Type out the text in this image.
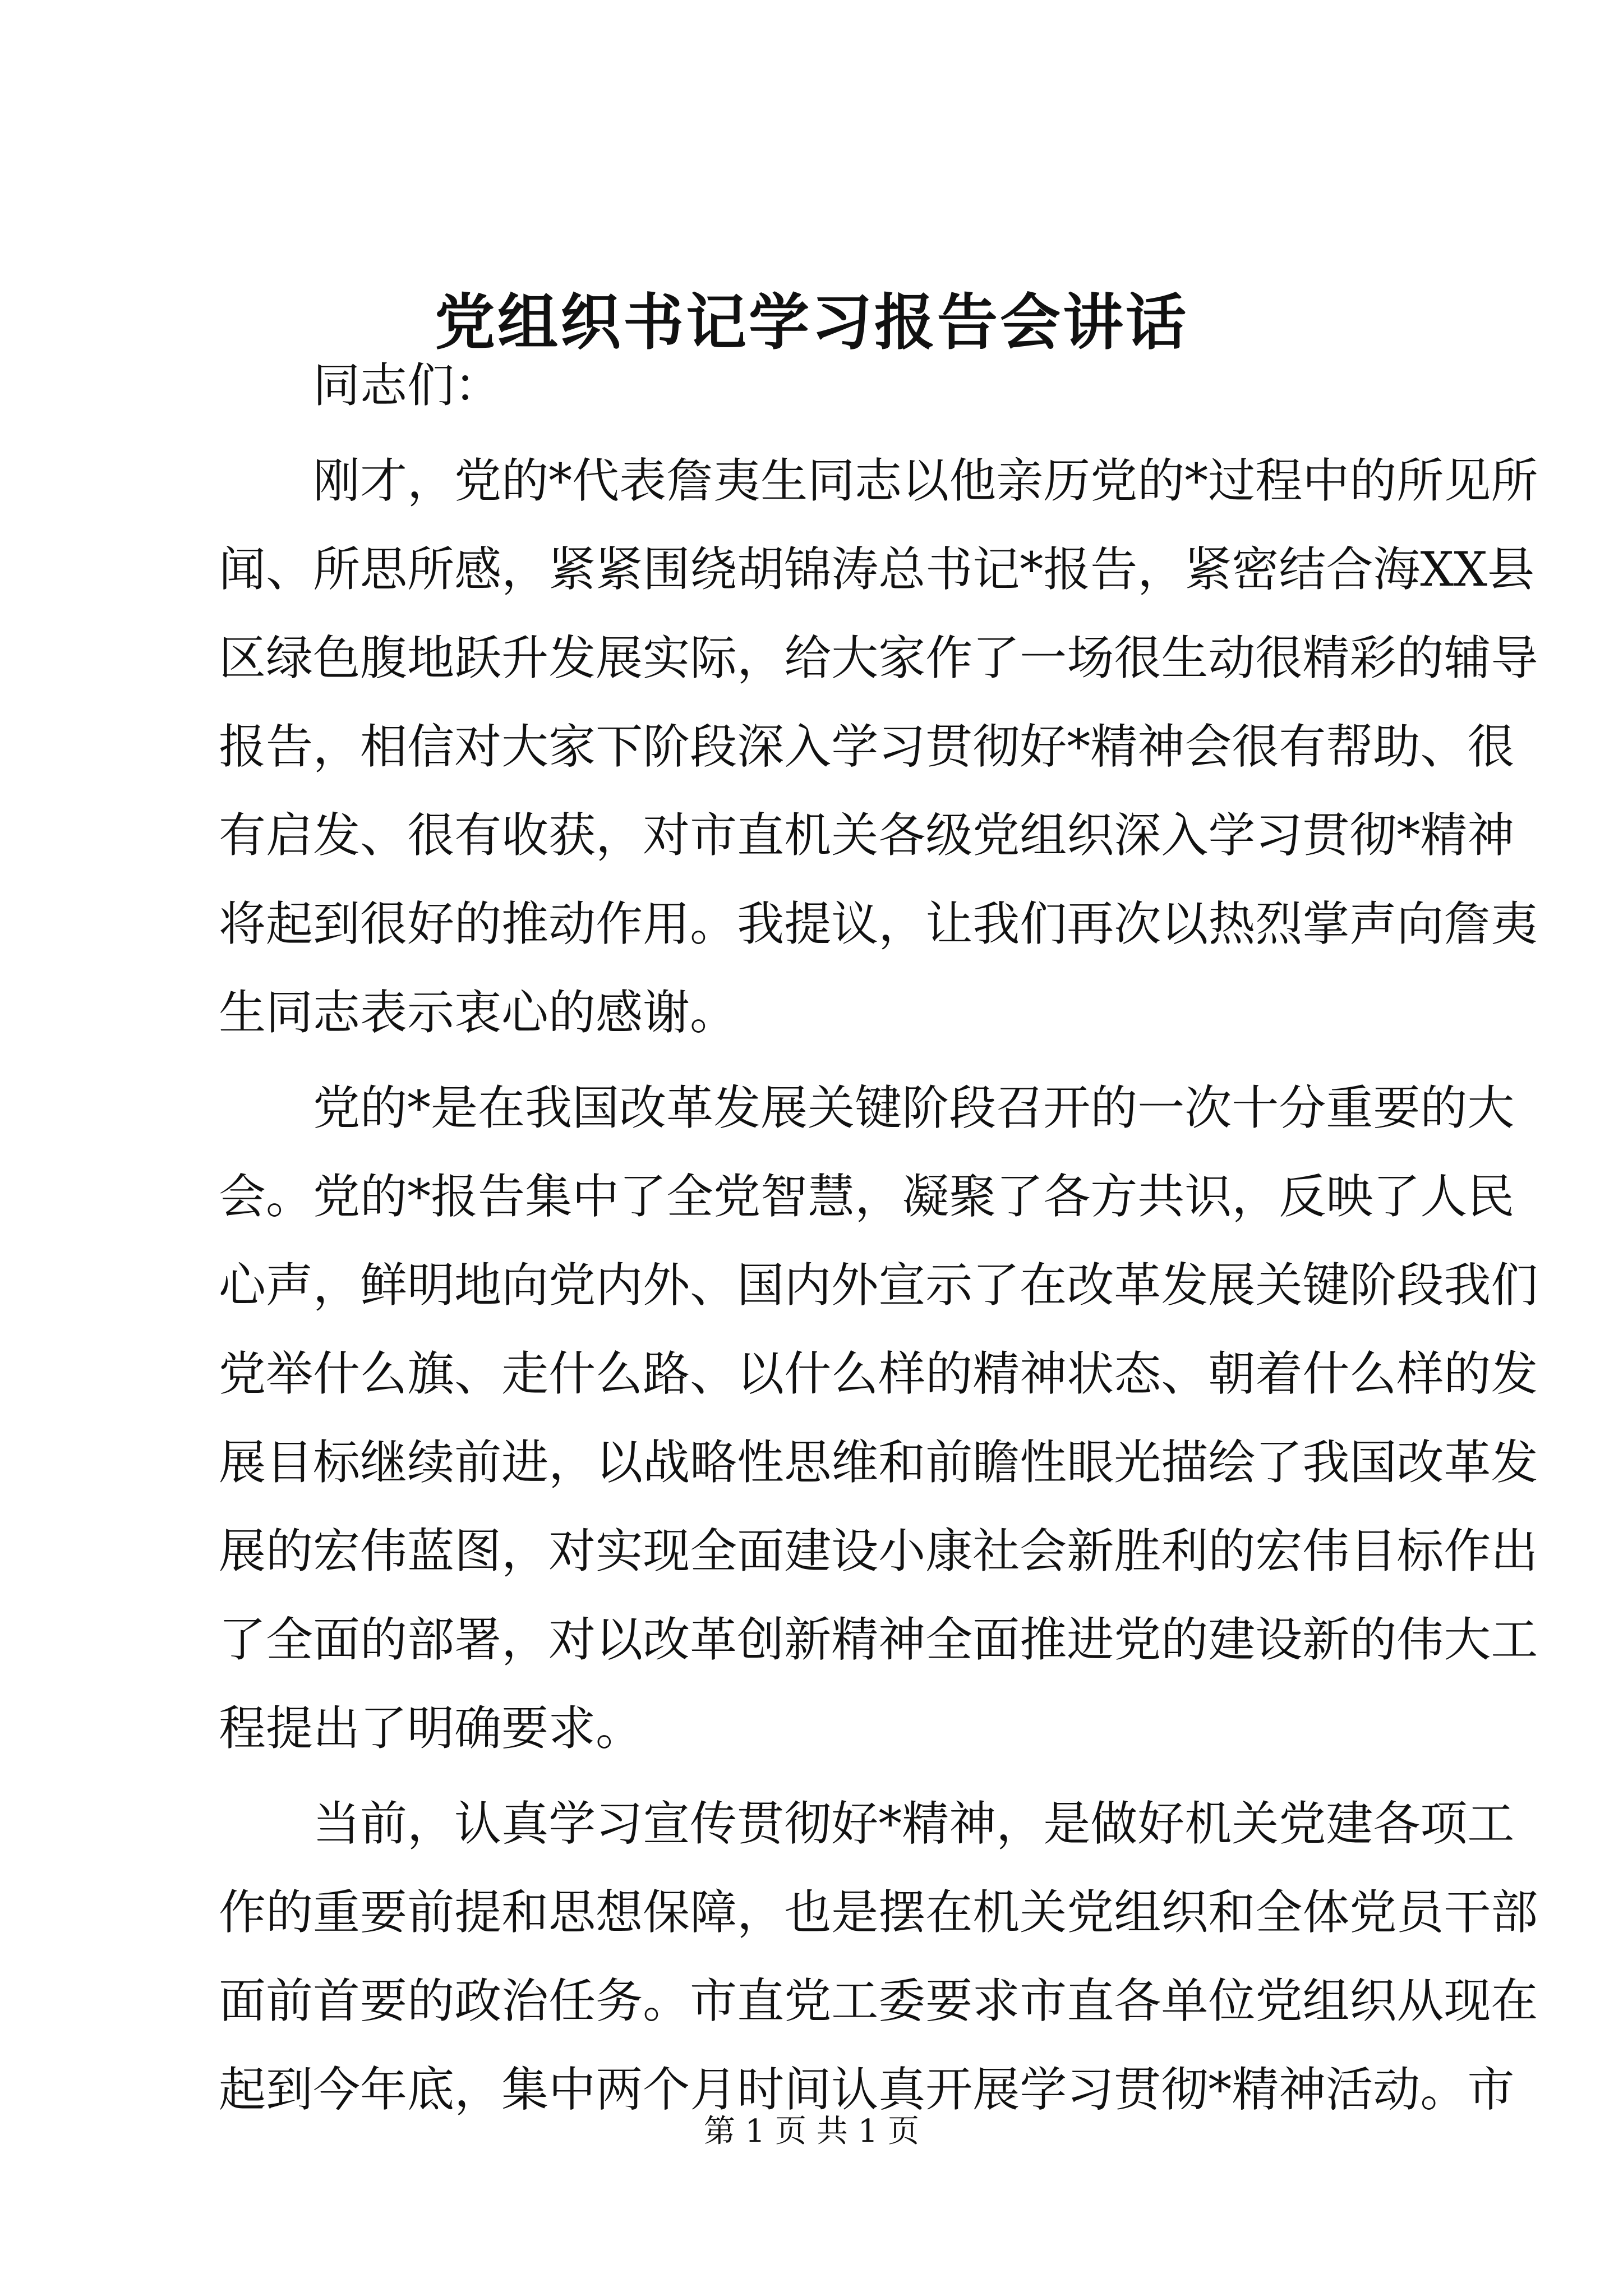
党组织书记学习报告会讲话
同志们：
刚 才 ， 党 的 * 代 表 詹 夷 生 同 志 以 他 亲 历 党 的 * 过 程 中 的 所 见 所
闻 、 所 思 所 感 ， 紧 紧 围 绕 胡 锦 涛 总 书 记 * 报 告 ， 紧 密 结 合 海 X X 县
区 绿 色 腹 地 跃 升 发 展 实 际 ， 给 大 家 作 了 一 场 很 生 动 很 精 彩 的 辅 导
报 告 ， 相 信 对 大 家 下 阶 段 深 入 学 习 贯 彻 好 * 精 神 会 很 有 帮 助 、 很
有 启 发 、 很 有 收 获 ， 对 市 直 机 关 各 级 党 组 织 深 入 学 习 贯 彻 * 精 神
将 起 到 很 好 的 推 动 作 用 。 我 提 议 ， 让 我 们 再 次 以 热 烈 掌 声 向 詹 夷
生同志表示衷心的感谢。
党 的 * 是 在 我 国 改 革 发 展 关 键 阶 段 召 开 的 一 次 十 分 重 要 的 大
会 。 党 的 * 报 告 集 中 了 全 党 智 慧 ， 凝 聚 了 各 方 共 识 ， 反 映 了 人 民
心 声 ， 鲜 明 地 向 党 内 外 、 国 内 外 宣 示 了 在 改 革 发 展 关 键 阶 段 我 们
党 举 什 么 旗 、 走 什 么 路 、 以 什 么 样 的 精 神 状 态 、 朝 着 什 么 样 的 发
展 目 标 继 续 前 进 ， 以 战 略 性 思 维 和 前 瞻 性 眼 光 描 绘 了 我 国 改 革 发
展 的 宏 伟 蓝 图 ， 对 实 现 全 面 建 设 小 康 社 会 新 胜 利 的 宏 伟 目 标 作 出
了 全 面 的 部 署 ， 对 以 改 革 创 新 精 神 全 面 推 进 党 的 建 设 新 的 伟 大 工
程提出了明确要求。
当 前 ， 认 真 学 习 宣 传 贯 彻 好 * 精 神 ， 是 做 好 机 关 党 建 各 项 工
作 的 重 要 前 提 和 思 想 保 障 ， 也 是 摆 在 机 关 党 组 织 和 全 体 党 员 干 部
面 前 首 要 的 政 治 任 务 。 市 直 党 工 委 要 求 市 直 各 单 位 党 组 织 从 现 在
起 到 今 年 底 ， 集 中 两 个 月 时 间 认 真 开 展 学 习 贯 彻 * 精 神 活 动 。 市
第 1 页 共 1 页
